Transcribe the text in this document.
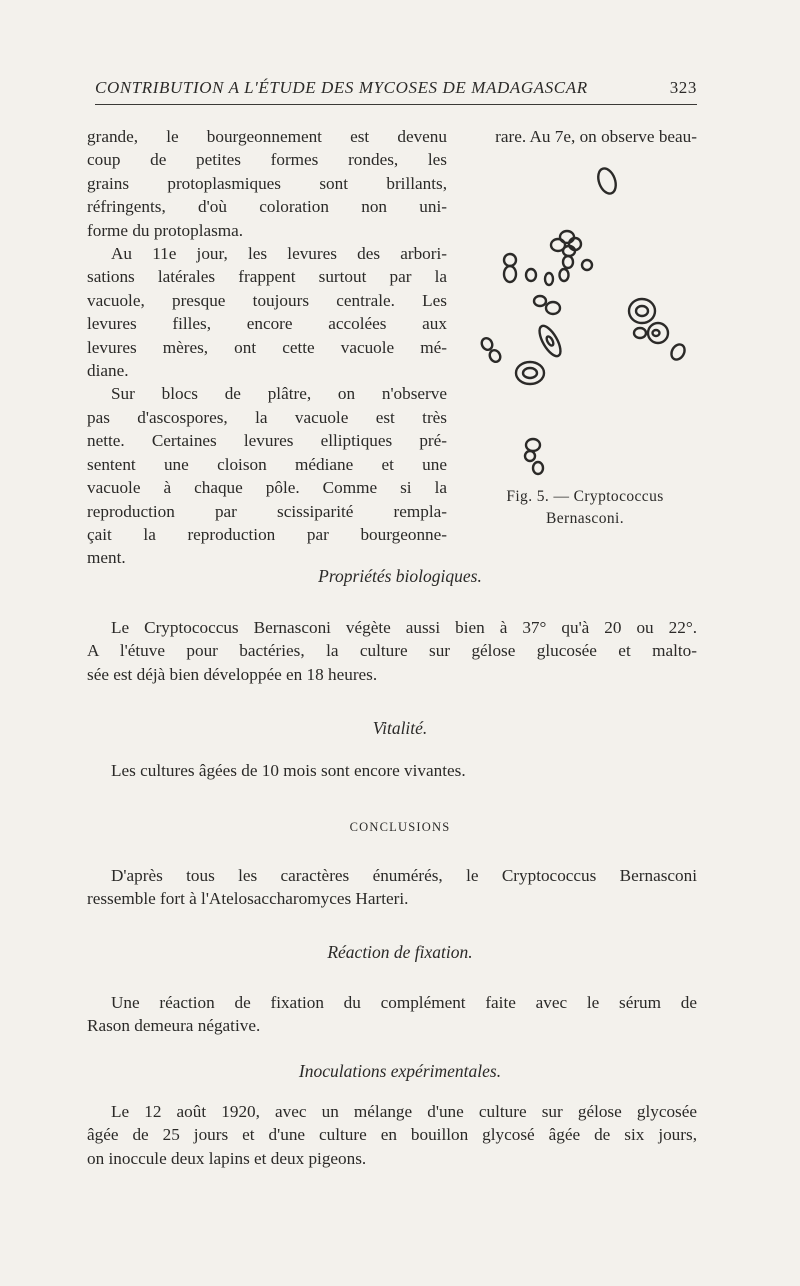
CONTRIBUTION A L'ÉTUDE DES MYCOSES DE MADAGASCAR	323
grande, le bourgeonnement est devenu
coup de petites formes rondes, les
grains protoplasmiques sont brillants,
réfringents, d'où coloration non uni-
forme du protoplasma.
Au 11e jour, les levures des arbori-
sations latérales frappent surtout par la
vacuole, presque toujours centrale. Les
levures filles, encore accolées aux
levures mères, ont cette vacuole mé-
diane.
Sur blocs de plâtre, on n'observe
pas d'ascospores, la vacuole est très
nette. Certaines levures elliptiques pré-
sentent une cloison médiane et une
vacuole à chaque pôle. Comme si la
reproduction par scissiparité rempla-
çait la reproduction par bourgeonne-
ment.
rare. Au 7e, on observe beau-
Fig. 5. — Cryptococcus
Bernasconi.
Propriétés biologiques.
Le Cryptococcus Bernasconi végète aussi bien à 37° qu'à 20 ou 22°.
A l'étuve pour bactéries, la culture sur gélose glucosée et malto-
sée est déjà bien développée en 18 heures.
Vitalité.
Les cultures âgées de 10 mois sont encore vivantes.
CONCLUSIONS
D'après tous les caractères énumérés, le Cryptococcus Bernasconi
ressemble fort à l'Atelosaccharomyces Harteri.
Réaction de fixation.
Une réaction de fixation du complément faite avec le sérum de
Rason demeura négative.
Inoculations expérimentales.
Le 12 août 1920, avec un mélange d'une culture sur gélose glycosée
âgée de 25 jours et d'une culture en bouillon glycosé âgée de six jours,
on inoccule deux lapins et deux pigeons.
